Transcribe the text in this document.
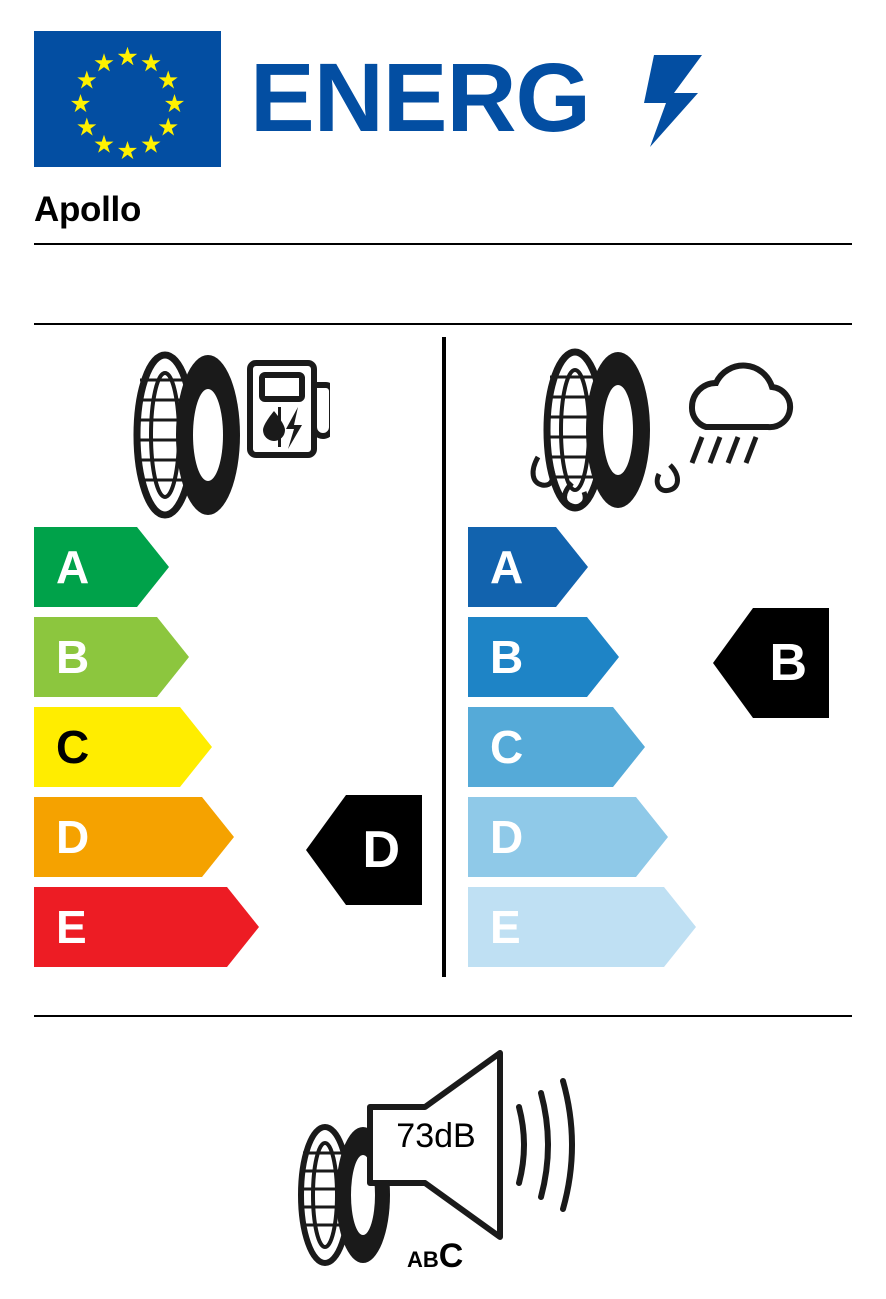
ENERG
Apollo
A
B
C
D
E
D
A
B
C
D
E
B
73dB
ABC
